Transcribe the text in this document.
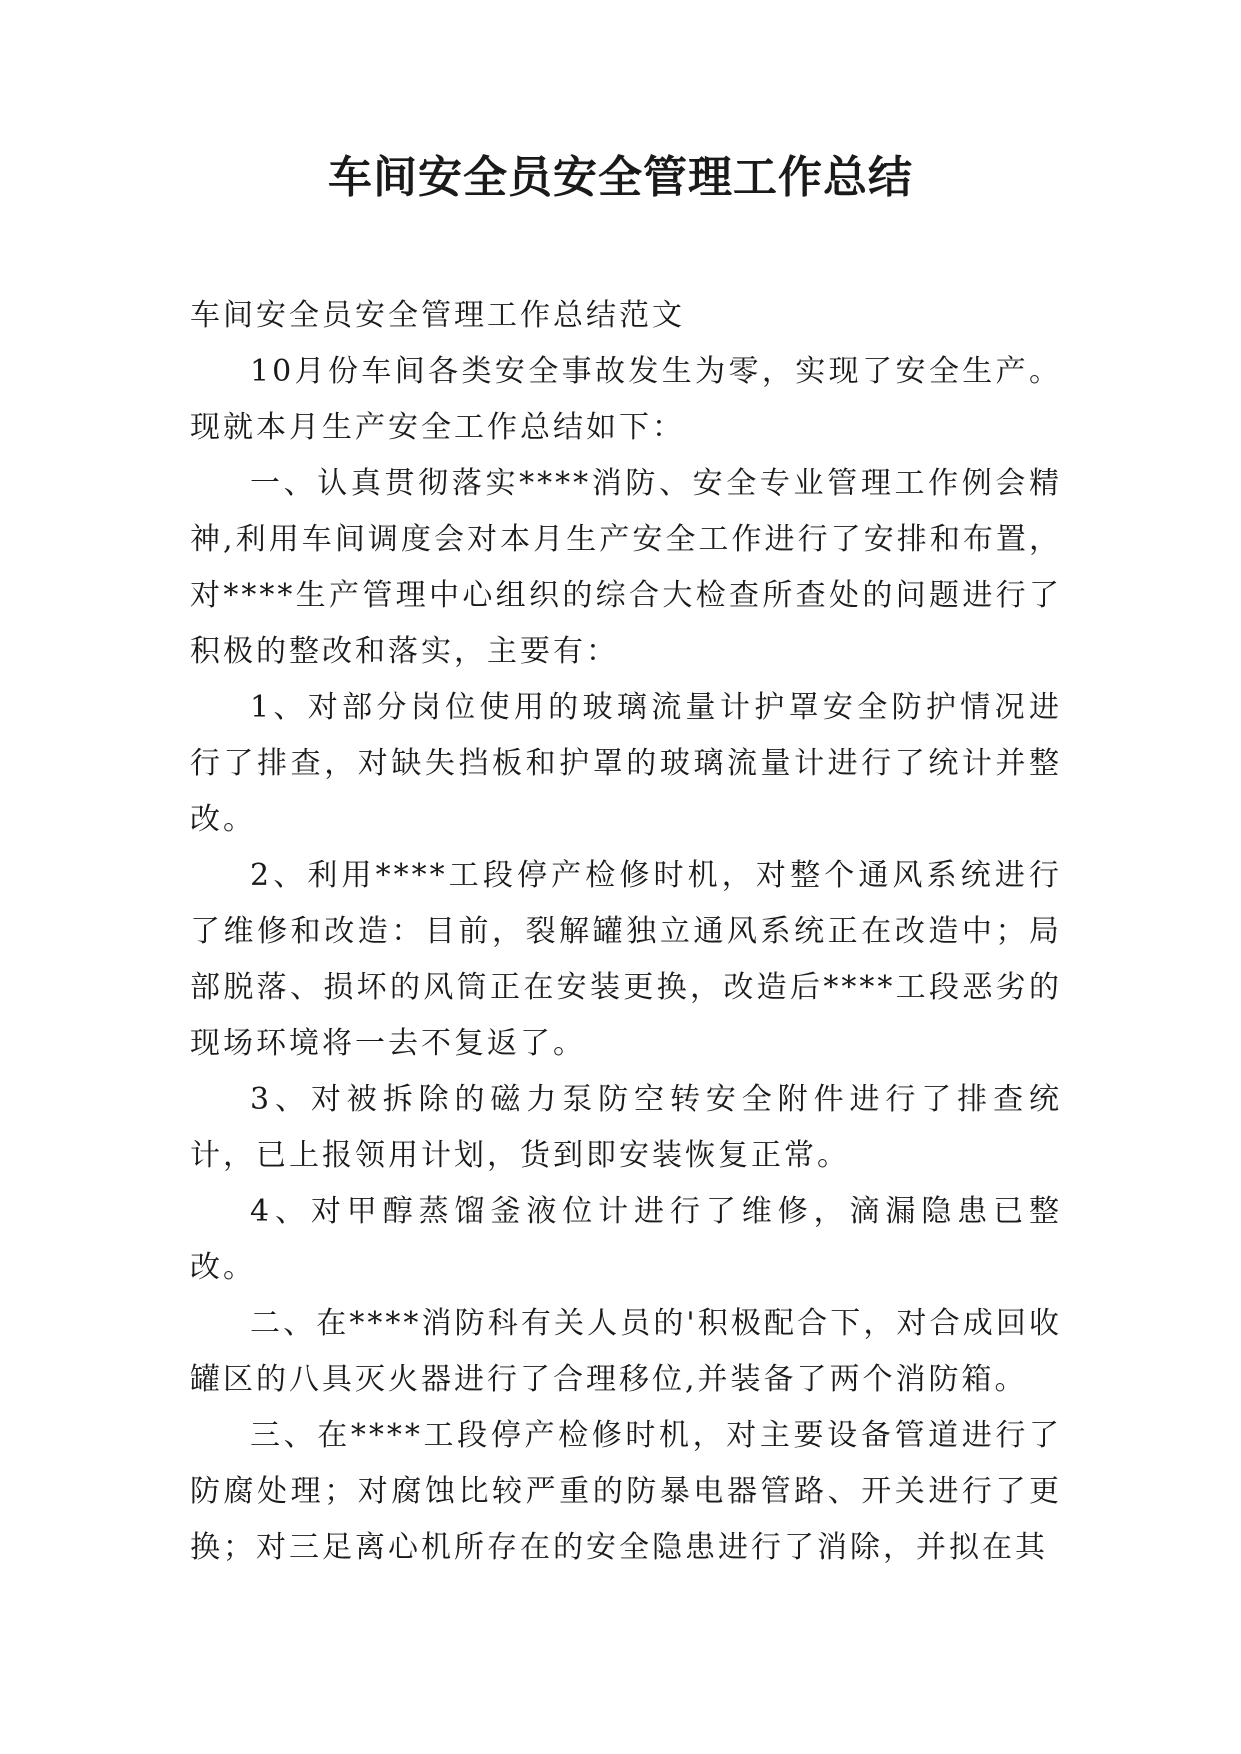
车间安全员安全管理工作总结

车间安全员安全管理工作总结范文

10月份车间各类安全事故发生为零，实现了安全生产。现就本月生产安全工作总结如下：

一、认真贯彻落实****消防、安全专业管理工作例会精神,利用车间调度会对本月生产安全工作进行了安排和布置，对****生产管理中心组织的综合大检查所查处的问题进行了积极的整改和落实，主要有：

1、对部分岗位使用的玻璃流量计护罩安全防护情况进行了排查，对缺失挡板和护罩的玻璃流量计进行了统计并整改。

2、利用****工段停产检修时机，对整个通风系统进行了维修和改造：目前，裂解罐独立通风系统正在改造中；局部脱落、损坏的风筒正在安装更换，改造后****工段恶劣的现场环境将一去不复返了。

3、对被拆除的磁力泵防空转安全附件进行了排查统计，已上报领用计划，货到即安装恢复正常。

4、对甲醇蒸馏釜液位计进行了维修，滴漏隐患已整改。

二、在****消防科有关人员的'积极配合下，对合成回收罐区的八具灭火器进行了合理移位,并装备了两个消防箱。

三、在****工段停产检修时机，对主要设备管道进行了防腐处理；对腐蚀比较严重的防暴电器管路、开关进行了更换；对三足离心机所存在的安全隐患进行了消除，并拟在其
